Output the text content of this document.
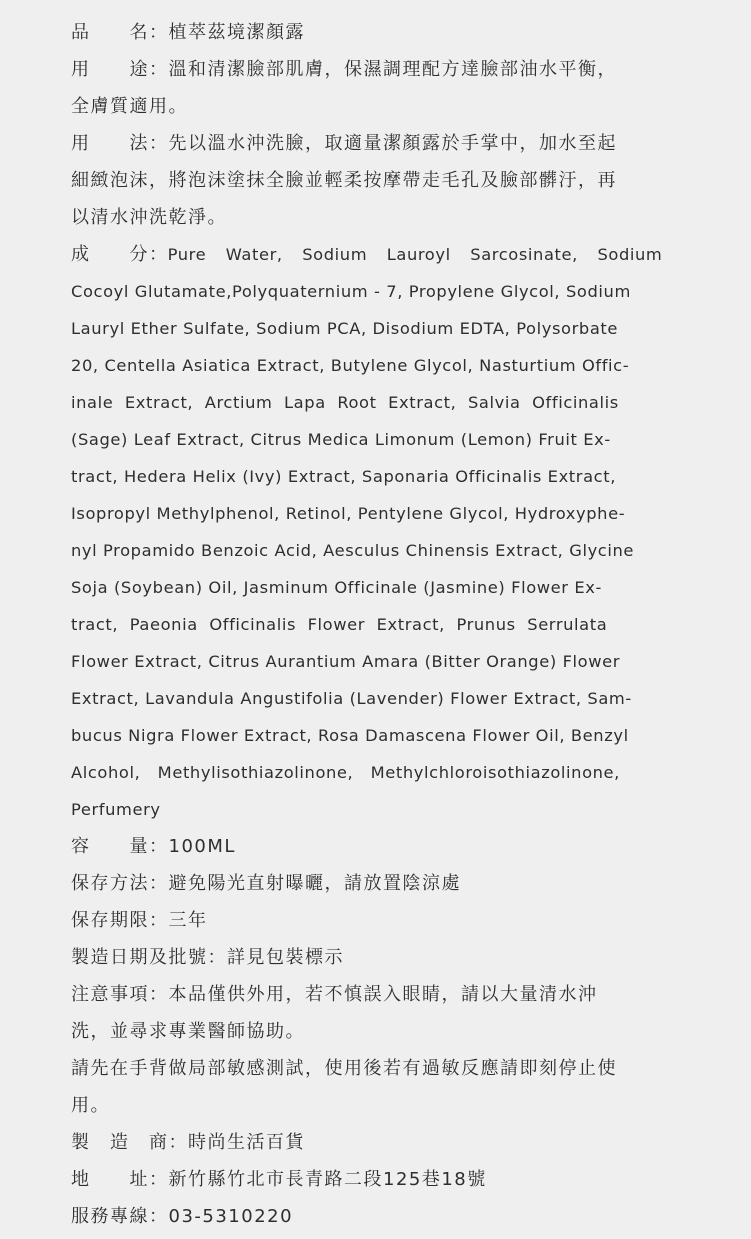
品　　名：植萃茲境潔顏露
用　　途：溫和清潔臉部肌膚，保濕調理配方達臉部油水平衡，
全膚質適用。
用　　法：先以溫水沖洗臉，取適量潔顏露於手掌中，加水至起
細緻泡沫，將泡沫塗抹全臉並輕柔按摩帶走毛孔及臉部髒汙，再
以清水沖洗乾淨。
成　　分：Pure  Water,  Sodium  Lauroyl  Sarcosinate,  Sodium
Cocoyl Glutamate,Polyquaternium - 7, Propylene Glycol, Sodium
Lauryl Ether Sulfate, Sodium PCA, Disodium EDTA, Polysorbate
20, Centella Asiatica Extract, Butylene Glycol, Nasturtium Offic-
inale  Extract,  Arctium  Lapa  Root  Extract,  Salvia  Officinalis
(Sage) Leaf Extract, Citrus Medica Limonum (Lemon) Fruit Ex-
tract, Hedera Helix (Ivy) Extract, Saponaria Officinalis Extract,
Isopropyl Methylphenol, Retinol, Pentylene Glycol, Hydroxyphe-
nyl Propamido Benzoic Acid, Aesculus Chinensis Extract, Glycine
Soja (Soybean) Oil, Jasminum Officinale (Jasmine) Flower Ex-
tract,  Paeonia  Officinalis  Flower  Extract,  Prunus  Serrulata
Flower Extract, Citrus Aurantium Amara (Bitter Orange) Flower
Extract, Lavandula Angustifolia (Lavender) Flower Extract, Sam-
bucus Nigra Flower Extract, Rosa Damascena Flower Oil, Benzyl
Alcohol,   Methylisothiazolinone,   Methylchloroisothiazolinone,
Perfumery
容　　量：100ML
保存方法：避免陽光直射曝曬，請放置陰涼處
保存期限：三年
製造日期及批號：詳見包裝標示
注意事項：本品僅供外用，若不慎誤入眼睛，請以大量清水沖
洗，並尋求專業醫師協助。
請先在手背做局部敏感測試，使用後若有過敏反應請即刻停止使
用。
製　造　商：時尚生活百貨
地　　址：新竹縣竹北市長青路二段125巷18號
服務專線：03-5310220
